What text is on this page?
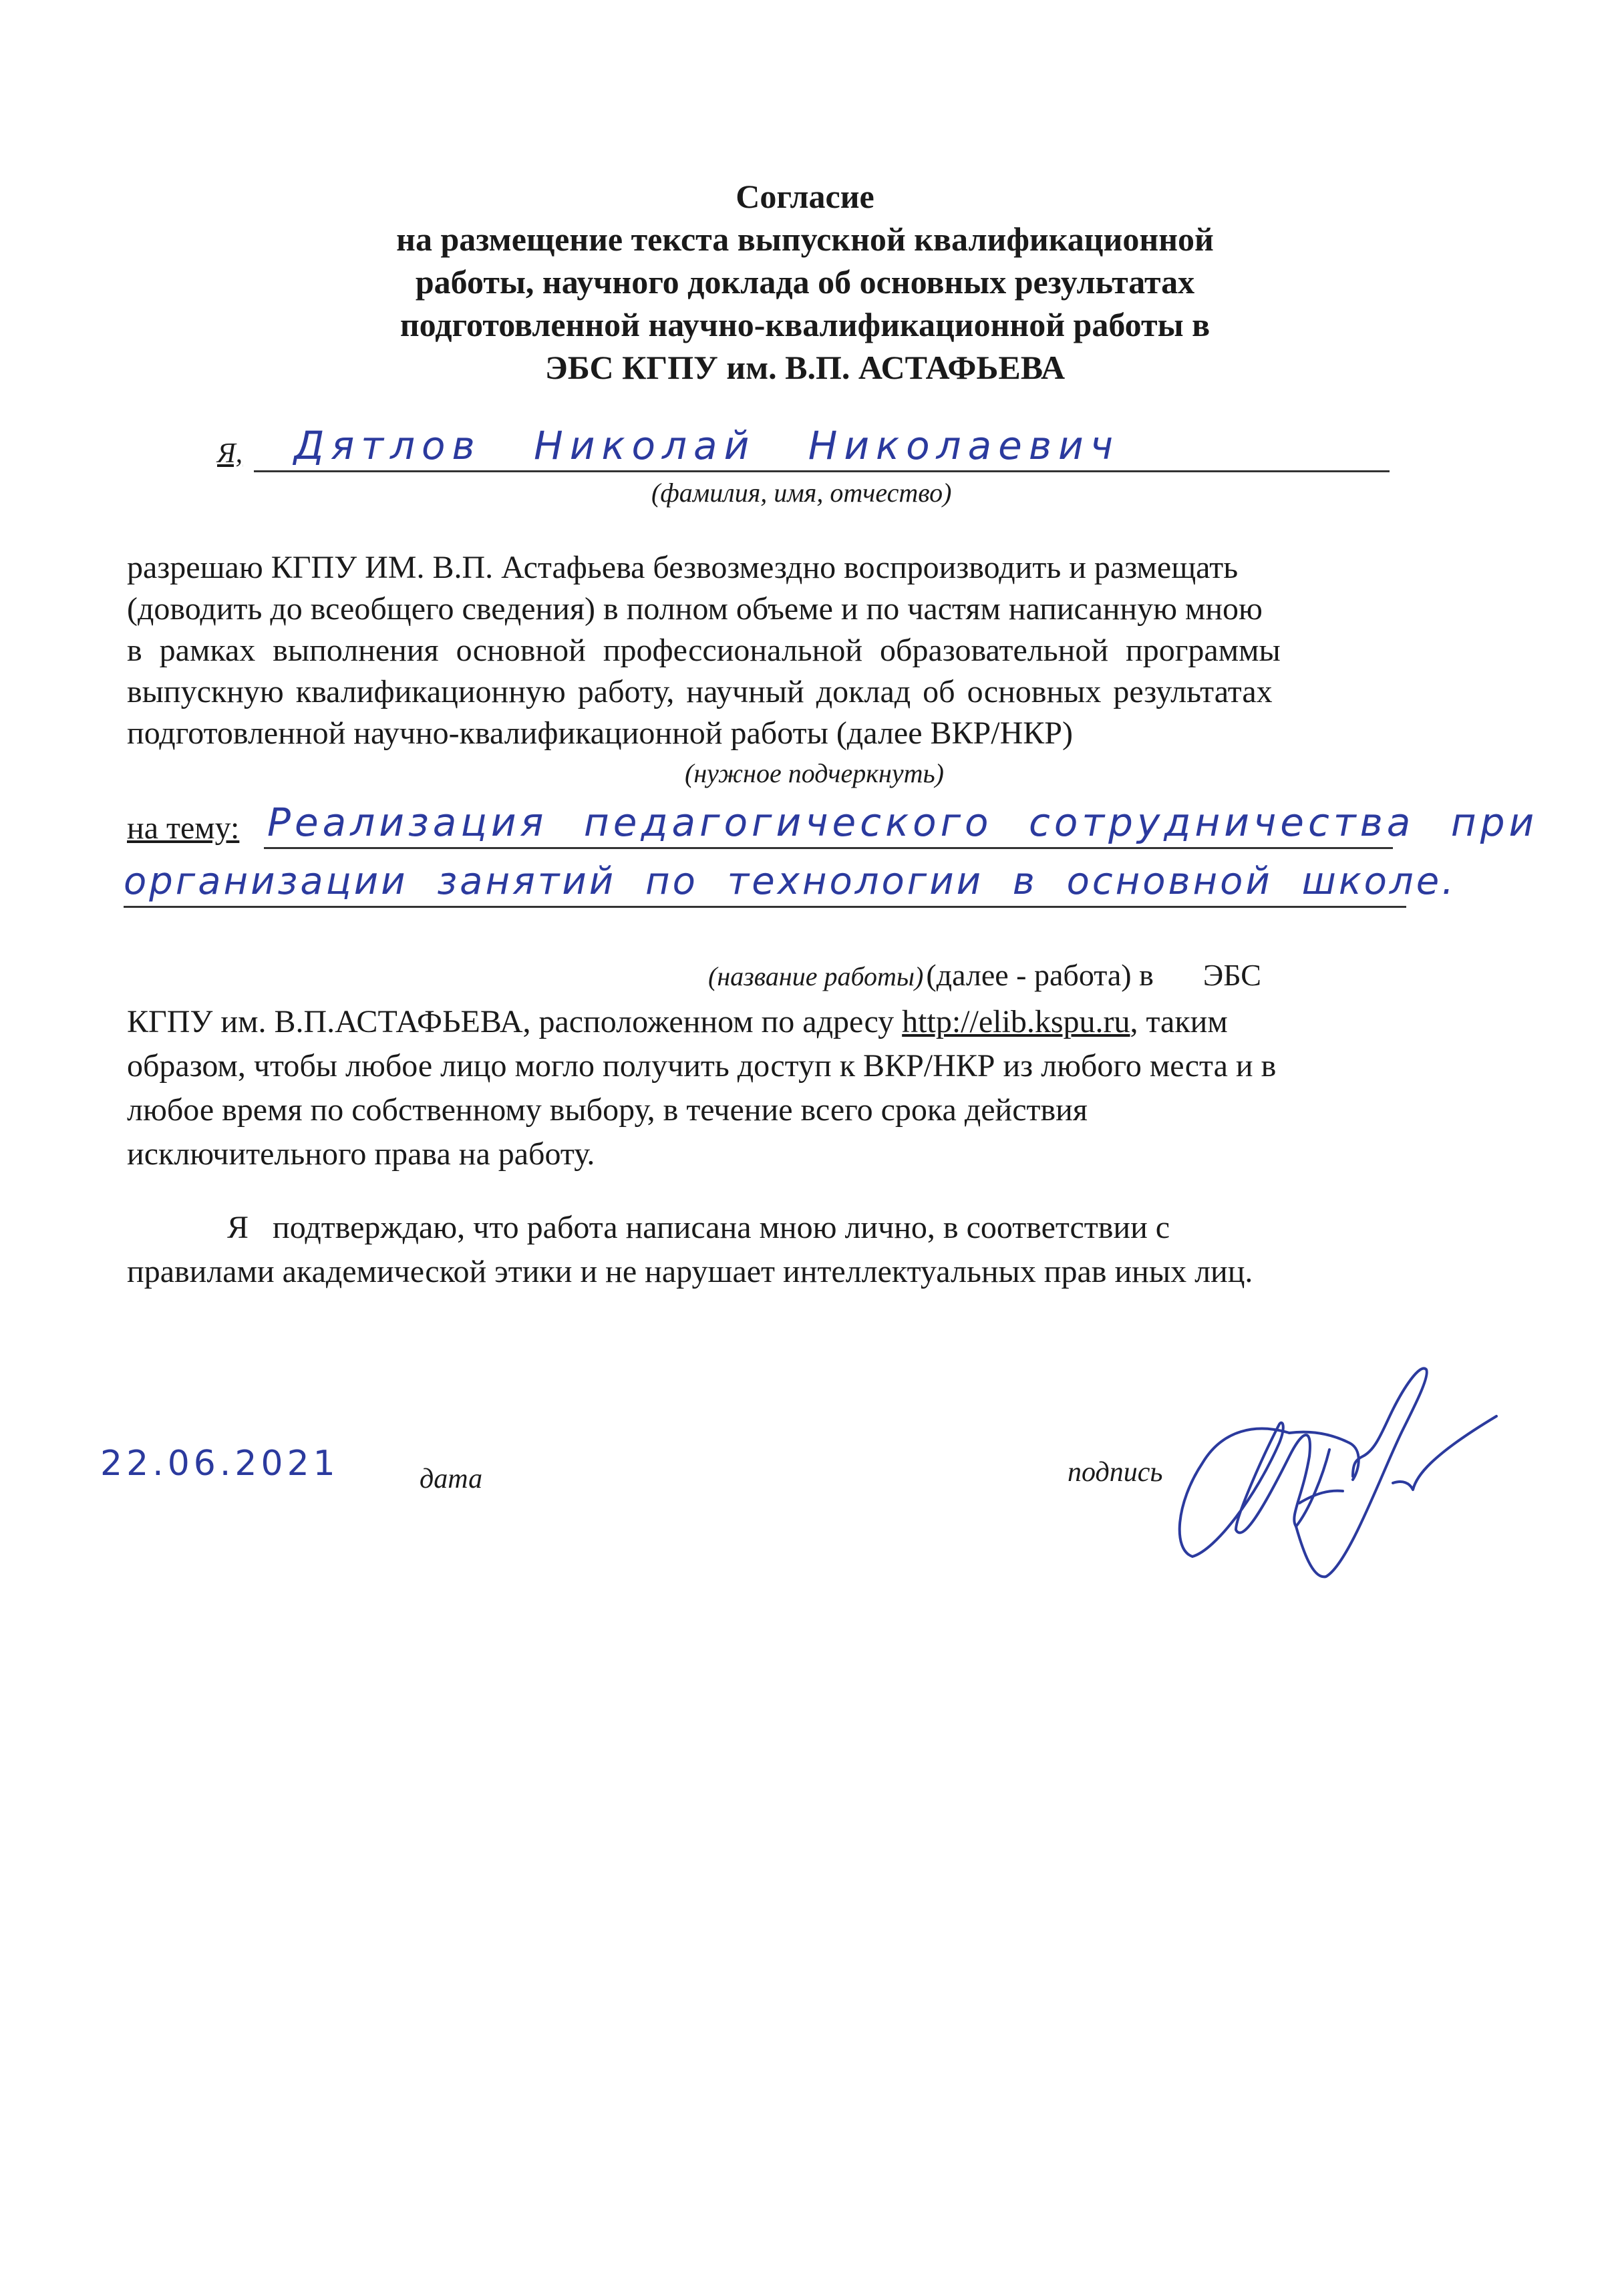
Согласие
на размещение текста выпускной квалификационной
работы, научного доклада об основных результатах
подготовленной научно-квалификационной работы в
ЭБС КГПУ им. В.П. АСТАФЬЕВА
Я, Дятлов Николай Николаевич
(фамилия, имя, отчество)
разрешаю КГПУ ИМ. В.П. Астафьева безвозмездно воспроизводить и размещать
(доводить до всеобщего сведения) в полном объеме и по частям написанную мною
в рамках выполнения основной профессиональной образовательной программы
выпускную квалификационную работу, научный доклад об основных результатах
подготовленной научно-квалификационной работы (далее ВКР/НКР)
(нужное подчеркнуть)
на тему: Реализация педагогического сотрудничества при
организации занятий по технологии в основной школе.
(название работы) (далее - работа) в ЭБС
КГПУ им. В.П.АСТАФЬЕВА, расположенном по адресу http://elib.kspu.ru, таким
образом, чтобы любое лицо могло получить доступ к ВКР/НКР из любого места и в
любое время по собственному выбору, в течение всего срока действия
исключительного права на работу.
Я   подтверждаю, что работа написана мною лично, в соответствии с
правилами академической этики и не нарушает интеллектуальных прав иных лиц.
22.06.2021	дата	подпись
